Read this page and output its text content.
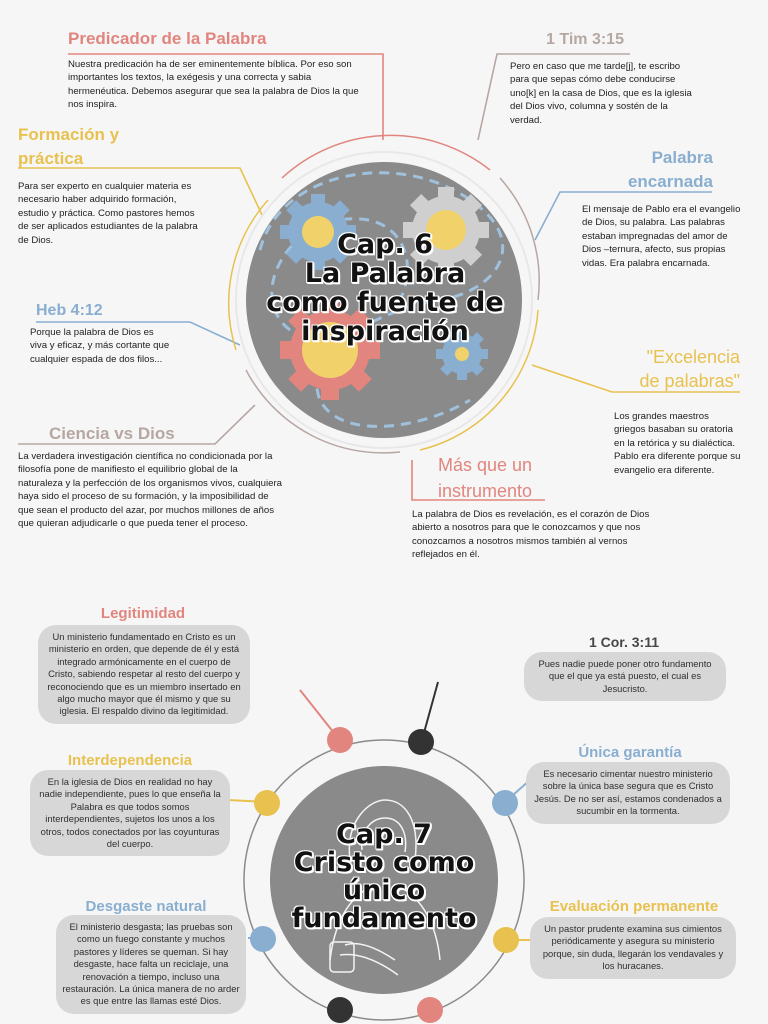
Cap. 6
La Palabra
como fuente de
inspiración
Predicador de la Palabra
Nuestra predicación ha de ser eminentemente bíblica. Por eso son importantes los textos, la exégesis y una correcta y sabia hermenéutica. Debemos asegurar que sea la palabra de Dios la que nos inspira.
1 Tim 3:15
Pero en caso que me tarde[j], te escribo para que sepas cómo debe conducirse uno[k] en la casa de Dios, que es la iglesia del Dios vivo, columna y sostén de la verdad.
Formación y
práctica
Para ser experto en cualquier materia es necesario haber adquirido formación, estudio y práctica. Como pastores hemos de ser aplicados estudiantes de la palabra de Dios.
Palabra
encarnada
El mensaje de Pablo era el evangelio de Dios, su palabra. Las palabras estaban impregnadas del amor de Dios –ternura, afecto, sus propias vidas. Era palabra encarnada.
Heb 4:12
Porque la palabra de Dios es viva y eficaz, y más cortante que cualquier espada de dos filos...	"Excelencia
de palabras"
Los grandes maestros griegos basaban su oratoria en la retórica y su dialéctica. Pablo era diferente porque su evangelio era diferente.
Ciencia vs Dios
La verdadera investigación científica no condicionada por la filosofía pone de manifiesto el equilibrio global de la naturaleza y la perfección de los organismos vivos, cualquiera haya sido el proceso de su formación, y la imposibilidad de que sean el producto del azar, por muchos millones de años que quieran adjudicarle o que pueda tener el proceso.
Más que un
instrumento
La palabra de Dios es revelación, es el corazón de Dios abierto a nosotros para que le conozcamos y que nos conozcamos a nosotros mismos también al vernos reflejados en él.
Cap. 7
Cristo como
único
fundamento
Legitimidad
Un ministerio fundamentado en Cristo es un ministerio en orden, que depende de él y está integrado armónicamente en el cuerpo de Cristo, sabiendo respetar al resto del cuerpo y reconociendo que es un miembro insertado en algo mucho mayor que él mismo y que su iglesia. El respaldo divino da legitimidad.
1 Cor. 3:11
Pues nadie puede poner otro fundamento que el que ya está puesto, el cual es Jesucristo.
Interdependencia
En la iglesia de Dios en realidad no hay nadie independiente, pues lo que enseña la Palabra es que todos somos interdependientes, sujetos los unos a los otros, todos conectados por las coyunturas del cuerpo.
Única garantía
Es necesario cimentar nuestro ministerio sobre la única base segura que es Cristo Jesús. De no ser así, estamos condenados a sucumbir en la tormenta.
Desgaste natural
El ministerio desgasta; las pruebas son como un fuego constante y muchos pastores y líderes se queman. Si hay desgaste, hace falta un reciclaje, una renovación a tiempo, incluso una restauración. La única manera de no arder es que entre las llamas esté Dios.
Evaluación permanente
Un pastor prudente examina sus cimientos periódicamente y asegura su ministerio porque, sin duda, llegarán los vendavales y los huracanes.
